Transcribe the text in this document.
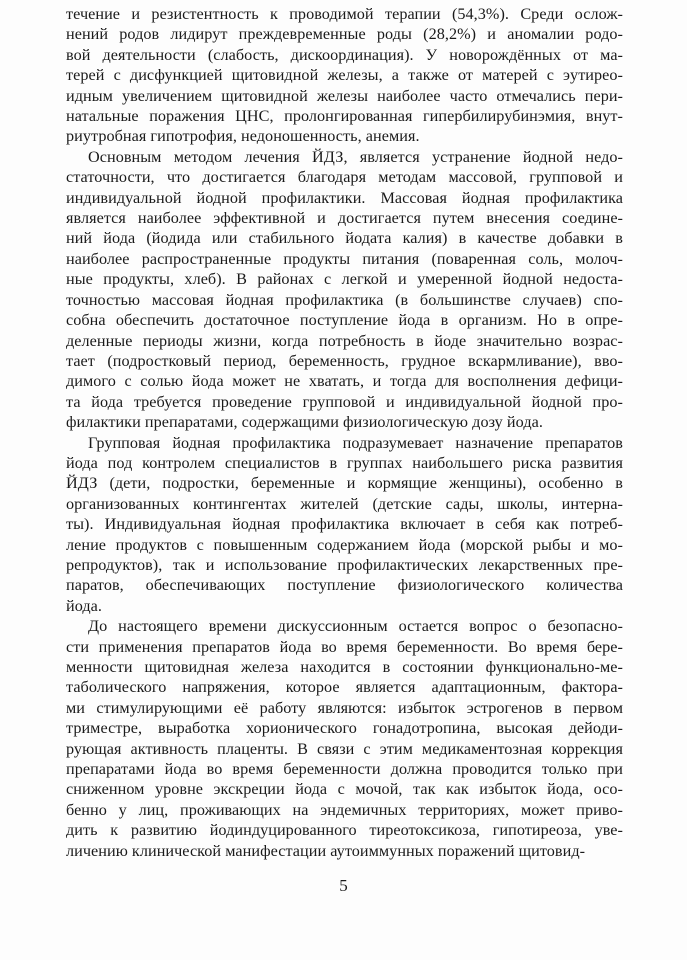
течение и резистентность к проводимой терапии (54,3%). Среди ослож-
нений родов лидирут преждевременные роды (28,2%) и аномалии родо-
вой деятельности (слабость, дискоординация). У новорождённых от ма-
терей с дисфункцией щитовидной железы, а также от матерей с эутирео-
идным увеличением щитовидной железы наиболее часто отмечались пери-
натальные поражения ЦНС, пролонгированная гипербилирубинэмия, внут-
риутробная гипотрофия, недоношенность, анемия.
Основным методом лечения ЙДЗ, является устранение йодной недо-
статочности, что достигается благодаря методам массовой, групповой и
индивидуальной йодной профилактики. Массовая йодная профилактика
является наиболее эффективной и достигается путем внесения соедине-
ний йода (йодида или стабильного йодата калия) в качестве добавки в
наиболее распространенные продукты питания (поваренная соль, молоч-
ные продукты, хлеб). В районах с легкой и умеренной йодной недоста-
точностью массовая йодная профилактика (в большинстве случаев) спо-
собна обеспечить достаточное поступление йода в организм. Но в опре-
деленные периоды жизни, когда потребность в йоде значительно возрас-
тает (подростковый период, беременность, грудное вскармливание), вво-
димого с солью йода может не хватать, и тогда для восполнения дефици-
та йода требуется проведение групповой и индивидуальной йодной про-
филактики препаратами, содержащими физиологическую дозу йода.
Групповая йодная профилактика подразумевает назначение препаратов
йода под контролем специалистов в группах наибольшего риска развития
ЙДЗ (дети, подростки, беременные и кормящие женщины), особенно в
организованных контингентах жителей (детские сады, школы, интерна-
ты). Индивидуальная йодная профилактика включает в себя как потреб-
ление продуктов с повышенным содержанием йода (морской рыбы и мо-
репродуктов), так и использование профилактических лекарственных пре-
паратов, обеспечивающих поступление физиологического количества
йода.
До настоящего времени дискуссионным остается вопрос о безопасно-
сти применения препаратов йода во время беременности. Во время бере-
менности щитовидная железа находится в состоянии функционально-ме-
таболического напряжения, которое является адаптационным, фактора-
ми стимулирующими её работу являются: избыток эстрогенов в первом
триместре, выработка хорионического гонадотропина, высокая дейоди-
рующая активность плаценты. В связи с этим медикаментозная коррекция
препаратами йода во время беременности должна проводится только при
сниженном уровне экскреции йода с мочой, так как избыток йода, осо-
бенно у лиц, проживающих на эндемичных территориях, может приво-
дить к развитию йодиндуцированного тиреотоксикоза, гипотиреоза, уве-
личению клинической манифестации аутоиммунных поражений щитовид-
5
